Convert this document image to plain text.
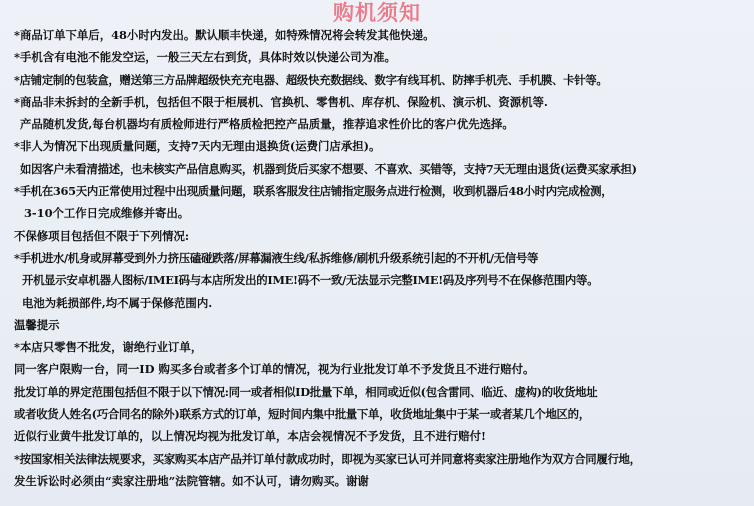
购机须知
*商品订单下单后，48小时内发出。默认顺丰快递，如特殊情况将会转发其他快递。
*手机含有电池不能发空运，一般三天左右到货，具体时效以快递公司为准。
*店铺定制的包装盒，赠送第三方品牌超级快充充电器、超级快充数据线、数字有线耳机、防摔手机壳、手机膜、卡针等。
*商品非未拆封的全新手机，包括但不限于柜展机、官换机、零售机、库存机、保险机、演示机、资源机等.
产品随机发货,每台机器均有质检师进行严格质检把控产品质量，推荐追求性价比的客户优先选择。
*非人为情况下出现质量问题，支持7天内无理由退换货(运费门店承担)。
如因客户未看清描述，也未核实产品信息购买，机器到货后买家不想要、不喜欢、买错等，支持7天无理由退货(运费买家承担)
*手机在365天内正常使用过程中出现质量问题，联系客服发往店铺指定服务点进行检测，收到机器后48小时内完成检测，
3-10个工作日完成维修并寄出。
不保修项目包括但不限于下列情况:
*手机进水/机身或屏幕受到外力挤压磕碰跌落/屏幕漏液生线/私拆维修/刷机升级系统引起的不开机/无信号等
开机显示安卓机器人图标/IMEI码与本店所发出的IME!码不一致/无法显示完整IME!码及序列号不在保修范围内等。
电池为耗损部件,均不属于保修范围内.
温馨提示
*本店只零售不批发，谢绝行业订单，
同一客户限购一台，同一ID 购买多台或者多个订单的情况，视为行业批发订单不予发货且不进行赔付。
批发订单的界定范围包括但不限于以下情况:同一或者相似ID批量下单，相同或近似(包含雷同、临近、虚构)的收货地址
或者收货人姓名(巧合同名的除外)联系方式的订单，短时间内集中批量下单，收货地址集中于某一或者某几个地区的，
近似行业黄牛批发订单的，以上情况均视为批发订单，本店会视情况不予发货，且不进行赔付!
*按国家相关法律法规要求，买家购买本店产品并订单付款成功时，即视为买家已认可并同意将卖家注册地作为双方合同履行地，
发生诉讼时必须由“卖家注册地”法院管辖。如不认可，请勿购买。谢谢
